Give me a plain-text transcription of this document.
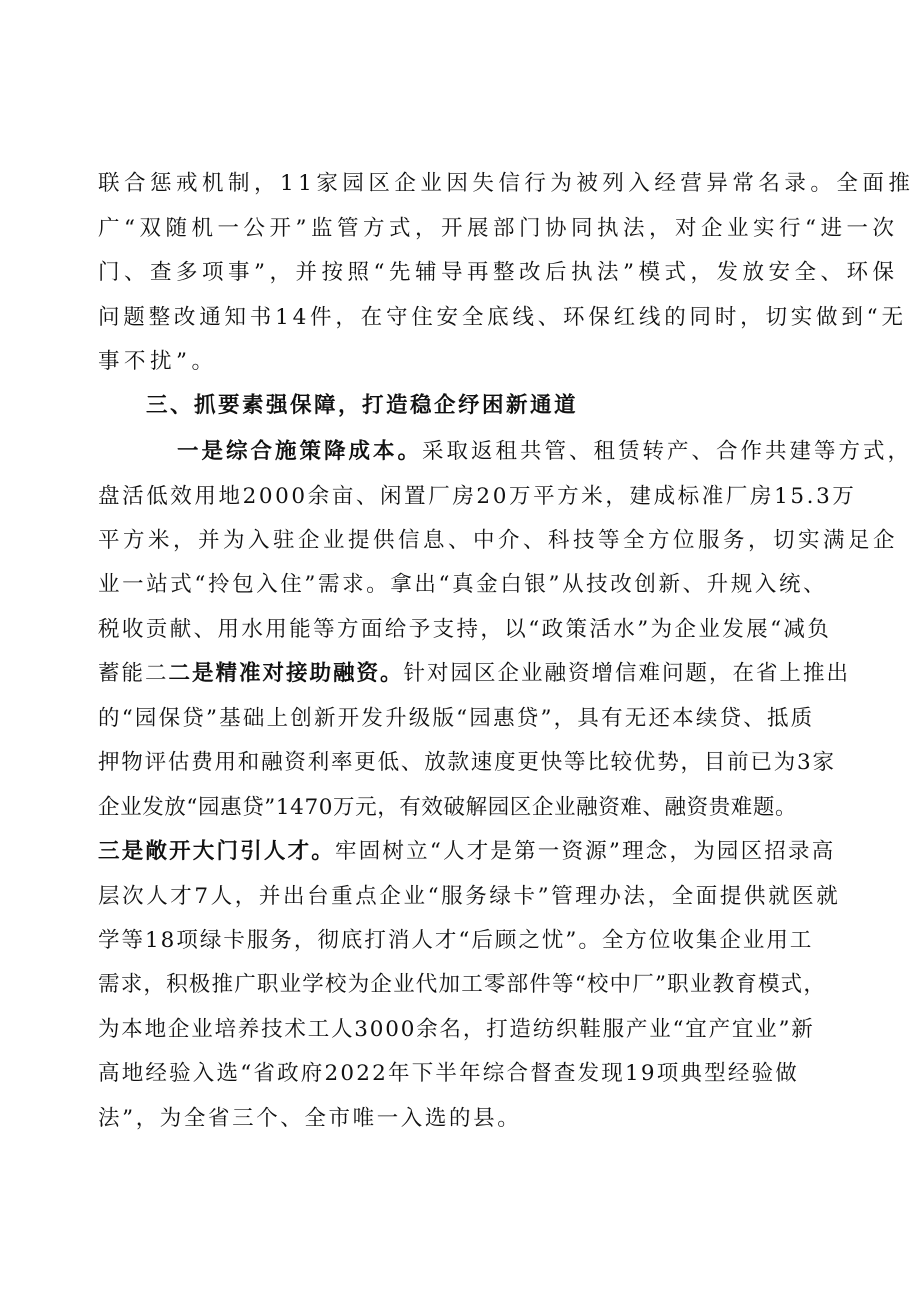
联合惩戒机制，11家园区企业因失信行为被列入经营异常名录。全面推
广“双随机一公开”监管方式，开展部门协同执法，对企业实行“进一次
门、查多项事”，并按照“先辅导再整改后执法”模式，发放安全、环保
问题整改通知书14件，在守住安全底线、环保红线的同时，切实做到“无
事不扰”。
三、抓要素强保障，打造稳企纾困新通道
一是综合施策降成本。采取返租共管、租赁转产、合作共建等方式，
盘活低效用地2000余亩、闲置厂房20万平方米，建成标准厂房15.3万
平方米，并为入驻企业提供信息、中介、科技等全方位服务，切实满足企
业一站式“拎包入住”需求。拿出“真金白银”从技改创新、升规入统、
税收贡献、用水用能等方面给予支持，以“政策活水”为企业发展“减负
蓄能二二是精准对接助融资。针对园区企业融资增信难问题，在省上推出
的“园保贷”基础上创新开发升级版“园惠贷”，具有无还本续贷、抵质
押物评估费用和融资利率更低、放款速度更快等比较优势，目前已为3家
企业发放“园惠贷”1470万元，有效破解园区企业融资难、融资贵难题。
三是敞开大门引人才。牢固树立“人才是第一资源”理念，为园区招录高
层次人才7人，并出台重点企业“服务绿卡”管理办法，全面提供就医就
学等18项绿卡服务，彻底打消人才“后顾之忧”。全方位收集企业用工
需求，积极推广职业学校为企业代加工零部件等“校中厂”职业教育模式，
为本地企业培养技术工人3000余名，打造纺织鞋服产业“宜产宜业”新
高地经验入选“省政府2022年下半年综合督查发现19项典型经验做
法”，为全省三个、全市唯一入选的县。
